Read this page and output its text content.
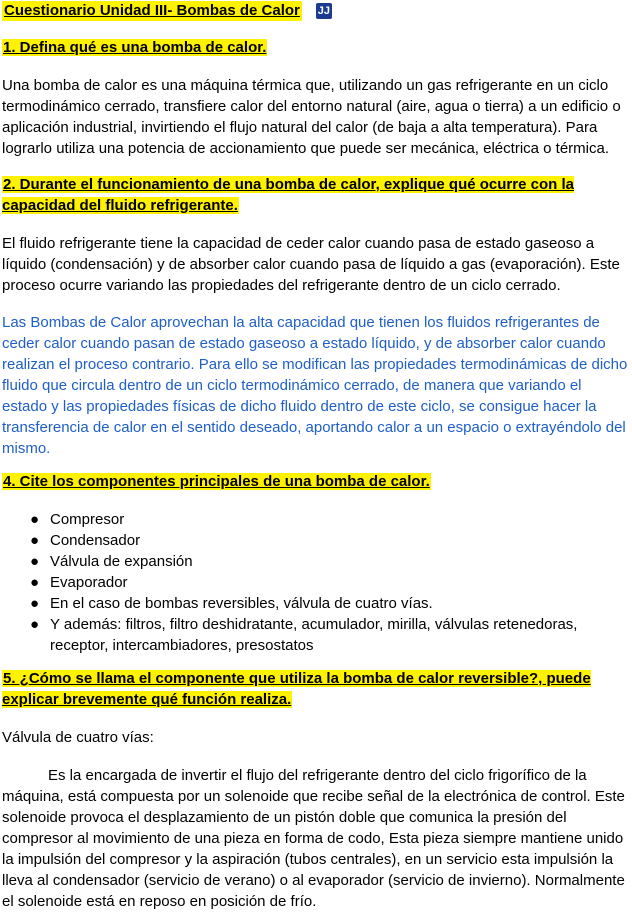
Cuestionario Unidad III- Bombas de Calor JJ

1. Defina qué es una bomba de calor.

Una bomba de calor es una máquina térmica que, utilizando un gas refrigerante en un ciclo termodinámico cerrado, transfiere calor del entorno natural (aire, agua o tierra) a un edificio o aplicación industrial, invirtiendo el flujo natural del calor (de baja a alta temperatura). Para lograrlo utiliza una potencia de accionamiento que puede ser mecánica, eléctrica o térmica.

2. Durante el funcionamiento de una bomba de calor, explique qué ocurre con la capacidad del fluido refrigerante.

El fluido refrigerante tiene la capacidad de ceder calor cuando pasa de estado gaseoso a líquido (condensación) y de absorber calor cuando pasa de líquido a gas (evaporación). Este proceso ocurre variando las propiedades del refrigerante dentro de un ciclo cerrado.

Las Bombas de Calor aprovechan la alta capacidad que tienen los fluidos refrigerantes de ceder calor cuando pasan de estado gaseoso a estado líquido, y de absorber calor cuando realizan el proceso contrario. Para ello se modifican las propiedades termodinámicas de dicho fluido que circula dentro de un ciclo termodinámico cerrado, de manera que variando el estado y las propiedades físicas de dicho fluido dentro de este ciclo, se consigue hacer la transferencia de calor en el sentido deseado, aportando calor a un espacio o extrayéndolo del mismo.

4. Cite los componentes principales de una bomba de calor.

● Compresor
● Condensador
● Válvula de expansión
● Evaporador
● En el caso de bombas reversibles, válvula de cuatro vías.
● Y además: filtros, filtro deshidratante, acumulador, mirilla, válvulas retenedoras, receptor, intercambiadores, presostatos

5. ¿Cómo se llama el componente que utiliza la bomba de calor reversible?, puede explicar brevemente qué función realiza.

Válvula de cuatro vías:

Es la encargada de invertir el flujo del refrigerante dentro del ciclo frigorífico de la máquina, está compuesta por un solenoide que recibe señal de la electrónica de control. Este solenoide provoca el desplazamiento de un pistón doble que comunica la presión del compresor al movimiento de una pieza en forma de codo, Esta pieza siempre mantiene unido la impulsión del compresor y la aspiración (tubos centrales), en un servicio esta impulsión la lleva al condensador (servicio de verano) o al evaporador (servicio de invierno). Normalmente el solenoide está en reposo en posición de frío.
